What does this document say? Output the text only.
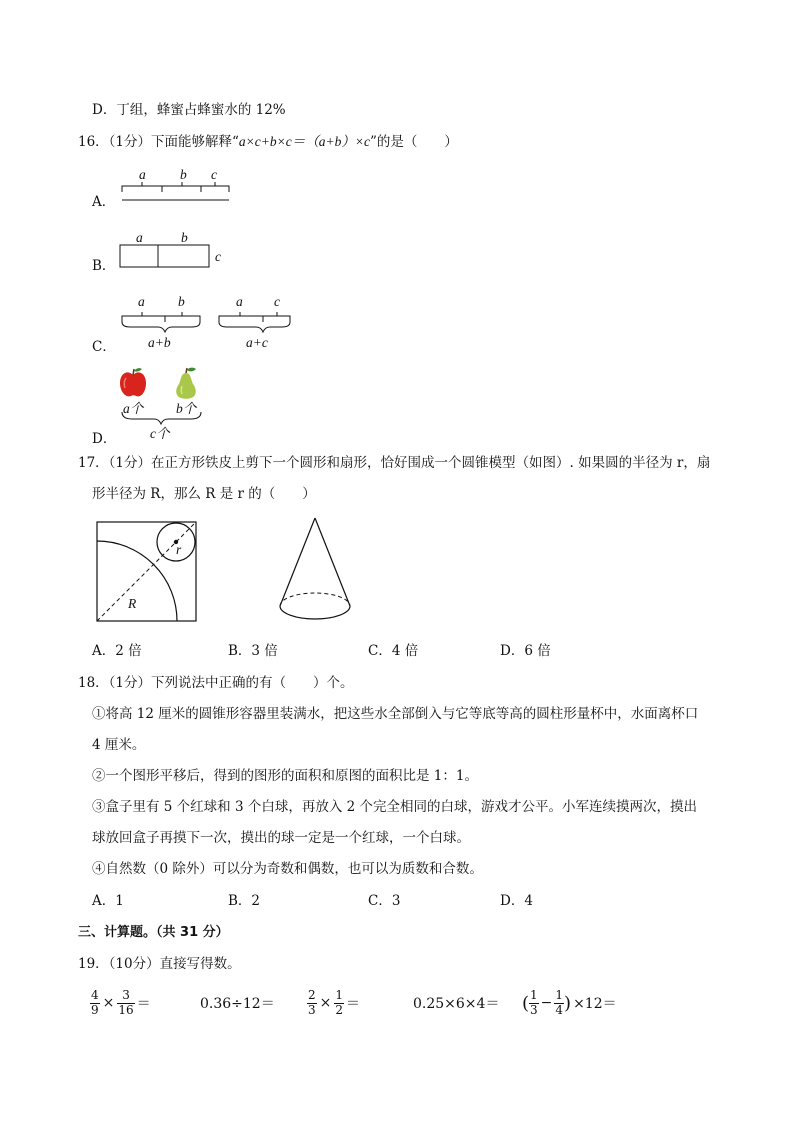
D．丁组，蜂蜜占蜂蜜水的 12%
16．（1分）下面能够解释“a×c+b×c＝（a+b）×c”的是（　　）
A．
a	b c
B．
a	b
c
C．
a b
a+b
a c
a+c
D．
a个 b个
c个
17．（1分）在正方形铁皮上剪下一个圆形和扇形，恰好围成一个圆锥模型（如图）. 如果圆的半径为 r，扇
形半径为 R，那么 R 是 r 的（　　）
r
R
A．2 倍	B．3 倍	C．4 倍	D．6 倍
18．（1分）下列说法中正确的有（　　）个。
①将高 12 厘米的圆锥形容器里装满水，把这些水全部倒入与它等底等高的圆柱形量杯中，水面离杯口
4 厘米。
②一个图形平移后，得到的图形的面积和原图的面积比是 1：1。
③盒子里有 5 个红球和 3 个白球，再放入 2 个完全相同的白球，游戏才公平。小军连续摸两次，摸出
球放回盒子再摸下一次，摸出的球一定是一个红球，一个白球。
④自然数（0 除外）可以分为奇数和偶数，也可以为质数和合数。
A．1	B．2	C．3	D．4
三、计算题。（共 31 分）
19．（10分）直接写得数。
$\frac{4}{9} \times \frac{3}{16}$ ＝	0.36÷12＝	$\frac{2}{3} \times \frac{1}{2}$ ＝	0.25×6×4＝ ( $\frac{1}{3} - \frac{1}{4}$ ) ×12＝
